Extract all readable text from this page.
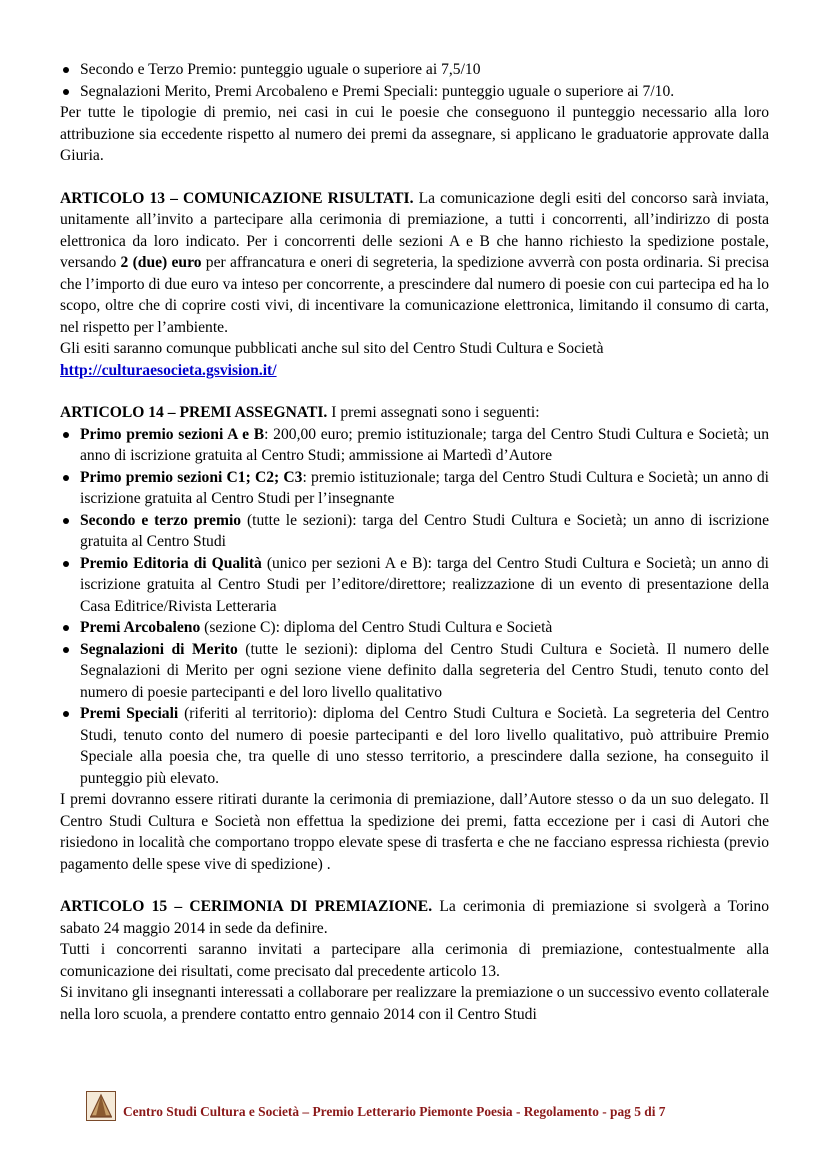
Secondo e Terzo Premio: punteggio uguale o superiore ai 7,5/10
Segnalazioni Merito, Premi Arcobaleno e Premi Speciali: punteggio uguale o superiore ai 7/10.

Per tutte le tipologie di premio, nei casi in cui le poesie che conseguono il punteggio necessario alla loro attribuzione sia eccedente rispetto al numero dei premi da assegnare, si applicano le graduatorie approvate dalla Giuria.

ARTICOLO 13 – COMUNICAZIONE RISULTATI. La comunicazione degli esiti del concorso sarà inviata, unitamente all’invito a partecipare alla cerimonia di premiazione, a tutti i concorrenti, all’indirizzo di posta elettronica da loro indicato. Per i concorrenti delle sezioni A e B che hanno richiesto la spedizione postale, versando 2 (due) euro per affrancatura e oneri di segreteria, la spedizione avverrà con posta ordinaria. Si precisa che l’importo di due euro va inteso per concorrente, a prescindere dal numero di poesie con cui partecipa ed ha lo scopo, oltre che di coprire costi vivi, di incentivare la comunicazione elettronica, limitando il consumo di carta, nel rispetto per l’ambiente.

Gli esiti saranno comunque pubblicati anche sul sito del Centro Studi Cultura e Società

http://culturaesocieta.gsvision.it/

ARTICOLO 14 – PREMI ASSEGNATI. I premi assegnati sono i seguenti:

Primo premio sezioni A e B: 200,00 euro; premio istituzionale; targa del Centro Studi Cultura e Società; un anno di iscrizione gratuita al Centro Studi; ammissione ai Martedì d’Autore
Primo premio sezioni C1; C2; C3: premio istituzionale; targa del Centro Studi Cultura e Società; un anno di iscrizione gratuita al Centro Studi per l’insegnante
Secondo e terzo premio (tutte le sezioni): targa del Centro Studi Cultura e Società; un anno di iscrizione gratuita al Centro Studi
Premio Editoria di Qualità (unico per sezioni A e B): targa del Centro Studi Cultura e Società; un anno di iscrizione gratuita al Centro Studi per l’editore/direttore; realizzazione di un evento di presentazione della Casa Editrice/Rivista Letteraria
Premi Arcobaleno (sezione C): diploma del Centro Studi Cultura e Società
Segnalazioni di Merito (tutte le sezioni): diploma del Centro Studi Cultura e Società. Il numero delle Segnalazioni di Merito per ogni sezione viene definito dalla segreteria del Centro Studi, tenuto conto del numero di poesie partecipanti e del loro livello qualitativo
Premi Speciali (riferiti al territorio): diploma del Centro Studi Cultura e Società. La segreteria del Centro Studi, tenuto conto del numero di poesie partecipanti e del loro livello qualitativo, può attribuire Premio Speciale alla poesia che, tra quelle di uno stesso territorio, a prescindere dalla sezione, ha conseguito il punteggio più elevato.

I premi dovranno essere ritirati durante la cerimonia di premiazione, dall’Autore stesso o da un suo delegato. Il Centro Studi Cultura e Società non effettua la spedizione dei premi, fatta eccezione per i casi di Autori che risiedono in località che comportano troppo elevate spese di trasferta e che ne facciano espressa richiesta (previo pagamento delle spese vive di spedizione) .

ARTICOLO 15 – CERIMONIA DI PREMIAZIONE. La cerimonia di premiazione si svolgerà a Torino sabato 24 maggio 2014 in sede da definire.

Tutti i concorrenti saranno invitati a partecipare alla cerimonia di premiazione, contestualmente alla comunicazione dei risultati, come precisato dal precedente articolo 13.

Si invitano gli insegnanti interessati a collaborare per realizzare la premiazione o un successivo evento collaterale nella loro scuola, a prendere contatto entro gennaio 2014 con il Centro Studi

Centro Studi Cultura e Società – Premio Letterario Piemonte Poesia - Regolamento - pag 5 di 7
